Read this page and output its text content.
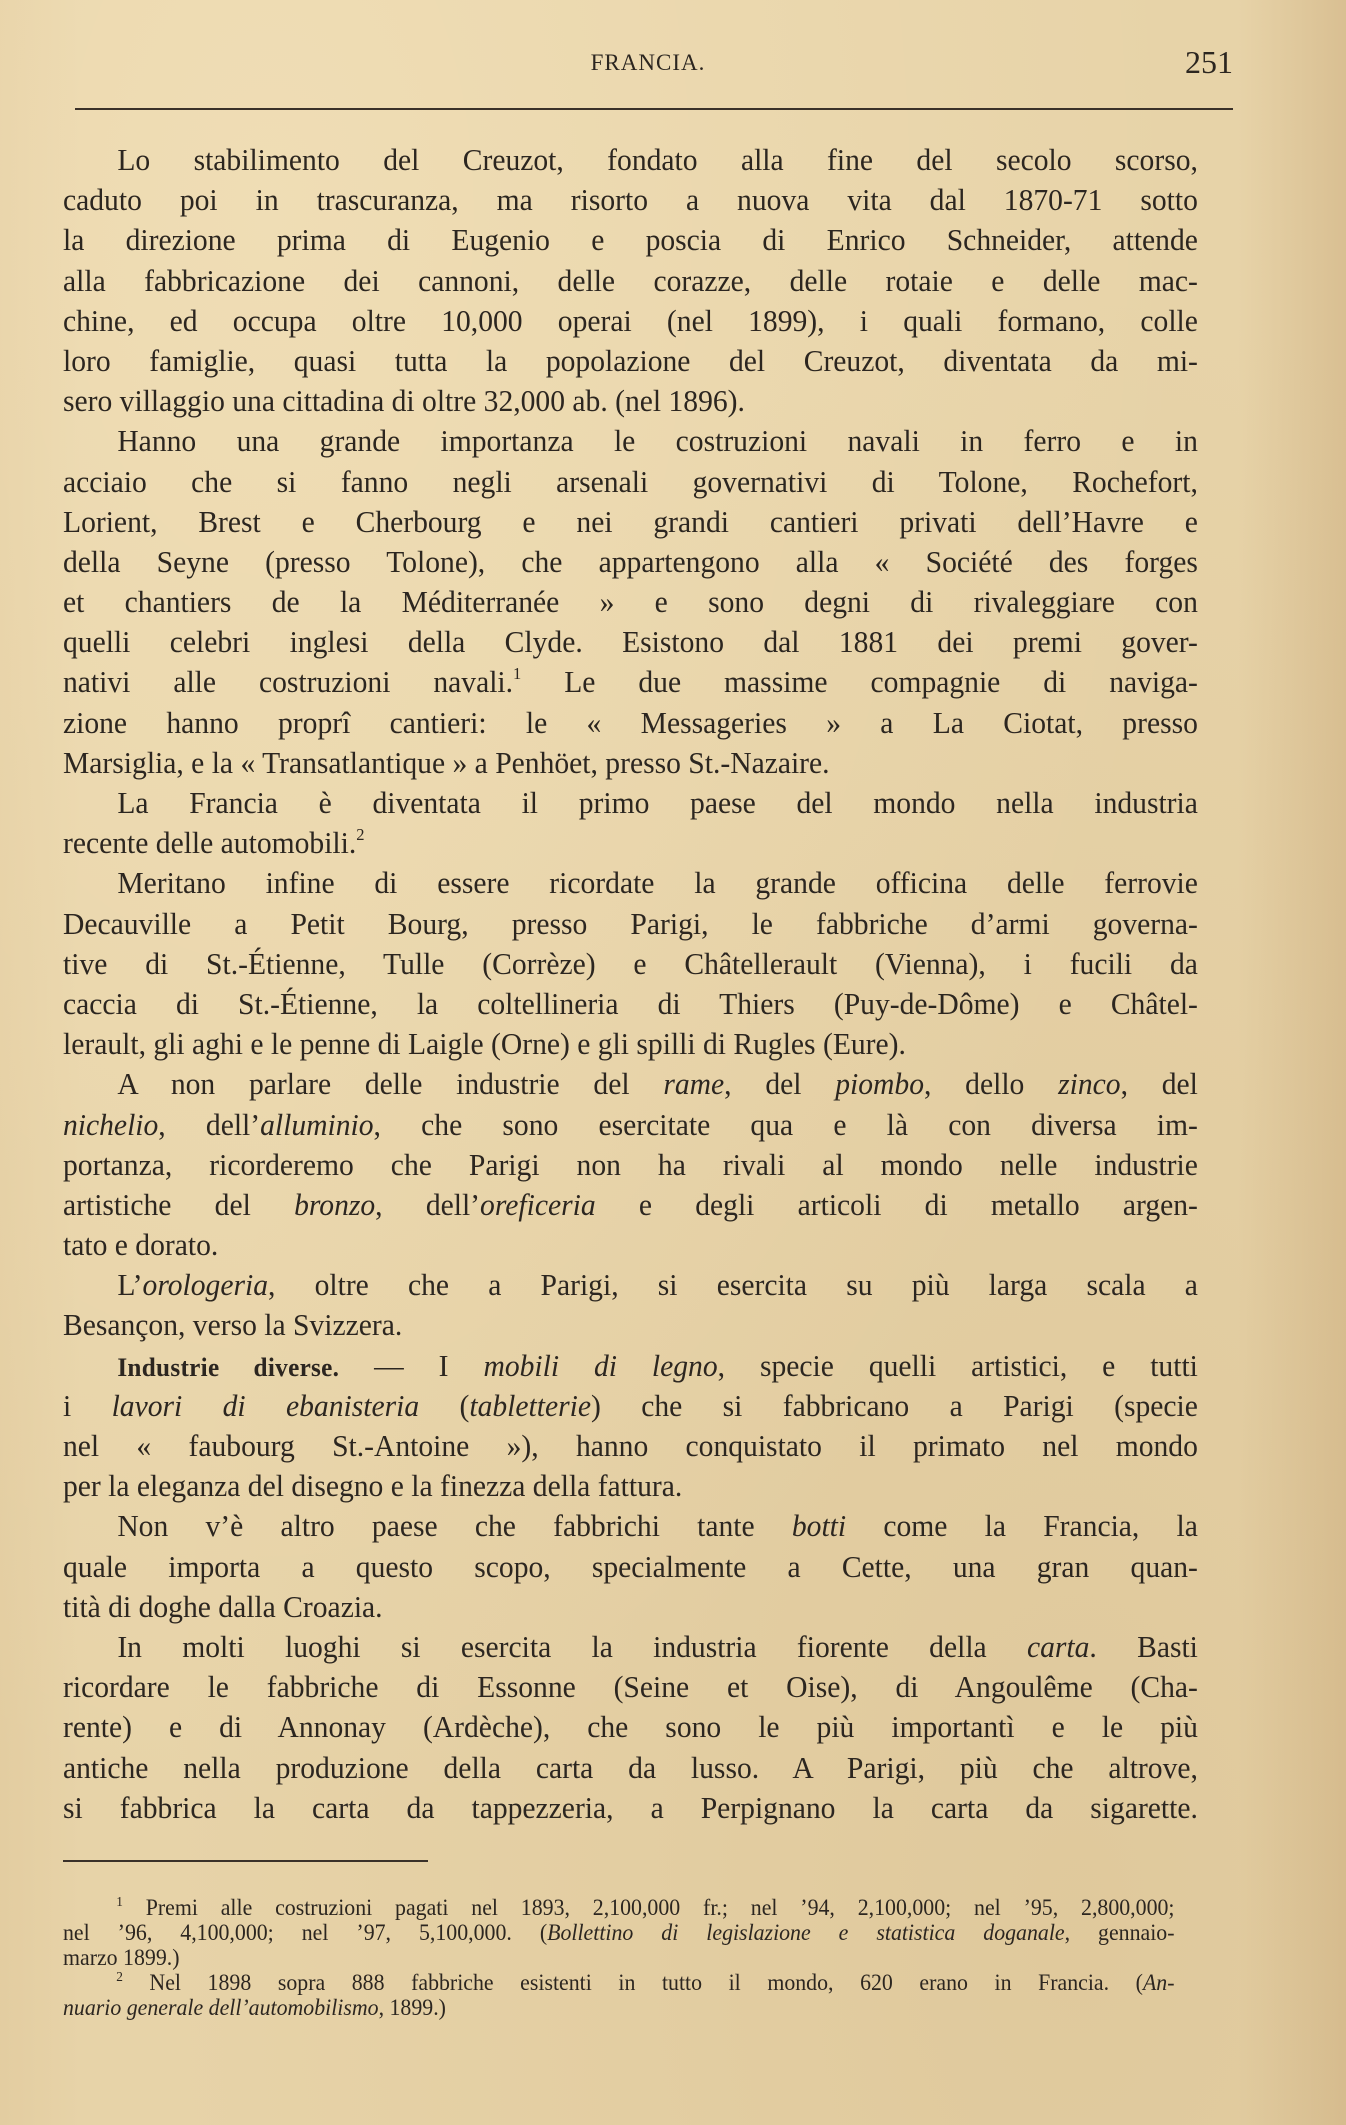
FRANCIA.	251
Lo stabilimento del Creuzot, fondato alla fine del secolo scorso,
caduto poi in trascuranza, ma risorto a nuova vita dal 1870-71 sotto
la direzione prima di Eugenio e poscia di Enrico Schneider, attende
alla fabbricazione dei cannoni, delle corazze, delle rotaie e delle mac-
chine, ed occupa oltre 10,000 operai (nel 1899), i quali formano, colle
loro famiglie, quasi tutta la popolazione del Creuzot, diventata da mi-
sero villaggio una cittadina di oltre 32,000 ab. (nel 1896).
Hanno una grande importanza le costruzioni navali in ferro e in
acciaio che si fanno negli arsenali governativi di Tolone, Rochefort,
Lorient, Brest e Cherbourg e nei grandi cantieri privati dell’Havre e
della Seyne (presso Tolone), che appartengono alla « Société des forges
et chantiers de la Méditerranée » e sono degni di rivaleggiare con
quelli celebri inglesi della Clyde. Esistono dal 1881 dei premi gover-
nativi alle costruzioni navali.$^1$ Le due massime compagnie di naviga-
zione hanno proprî cantieri: le « Messageries » a La Ciotat, presso
Marsiglia, e la « Transatlantique » a Penhöet, presso St.-Nazaire.
La Francia è diventata il primo paese del mondo nella industria
recente delle automobili.$^2$
Meritano infine di essere ricordate la grande officina delle ferrovie
Decauville a Petit Bourg, presso Parigi, le fabbriche d’armi governa-
tive di St.-Étienne, Tulle (Corrèze) e Châtellerault (Vienna), i fucili da
caccia di St.-Étienne, la coltellineria di Thiers (Puy-de-Dôme) e Châtel-
lerault, gli aghi e le penne di Laigle (Orne) e gli spilli di Rugles (Eure).
A non parlare delle industrie del rame, del piombo, dello zinco, del
nichelio, dell’alluminio, che sono esercitate qua e là con diversa im-
portanza, ricorderemo che Parigi non ha rivali al mondo nelle industrie
artistiche del bronzo, dell’oreficeria e degli articoli di metallo argen-
tato e dorato.
L’orologeria, oltre che a Parigi, si esercita su più larga scala a
Besançon, verso la Svizzera.
Industrie diverse. — I mobili di legno, specie quelli artistici, e tutti
i lavori di ebanisteria (tabletterie) che si fabbricano a Parigi (specie
nel « faubourg St.-Antoine »), hanno conquistato il primato nel mondo
per la eleganza del disegno e la finezza della fattura.
Non v’è altro paese che fabbrichi tante botti come la Francia, la
quale importa a questo scopo, specialmente a Cette, una gran quan-
tità di doghe dalla Croazia.
In molti luoghi si esercita la industria fiorente della carta. Basti
ricordare le fabbriche di Essonne (Seine et Oise), di Angoulême (Cha-
rente) e di Annonay (Ardèche), che sono le più importantì e le più
antiche nella produzione della carta da lusso. A Parigi, più che altrove,
si fabbrica la carta da tappezzeria, a Perpignano la carta da sigarette.
$^1$ Premi alle costruzioni pagati nel 1893, 2,100,000 fr.; nel ’94, 2,100,000; nel ’95, 2,800,000;
nel ’96, 4,100,000; nel ’97, 5,100,000. (Bollettino di legislazione e statistica doganale, gennaio-
marzo 1899.)
$^2$ Nel 1898 sopra 888 fabbriche esistenti in tutto il mondo, 620 erano in Francia. (An-
nuario generale dell’automobilismo, 1899.)
